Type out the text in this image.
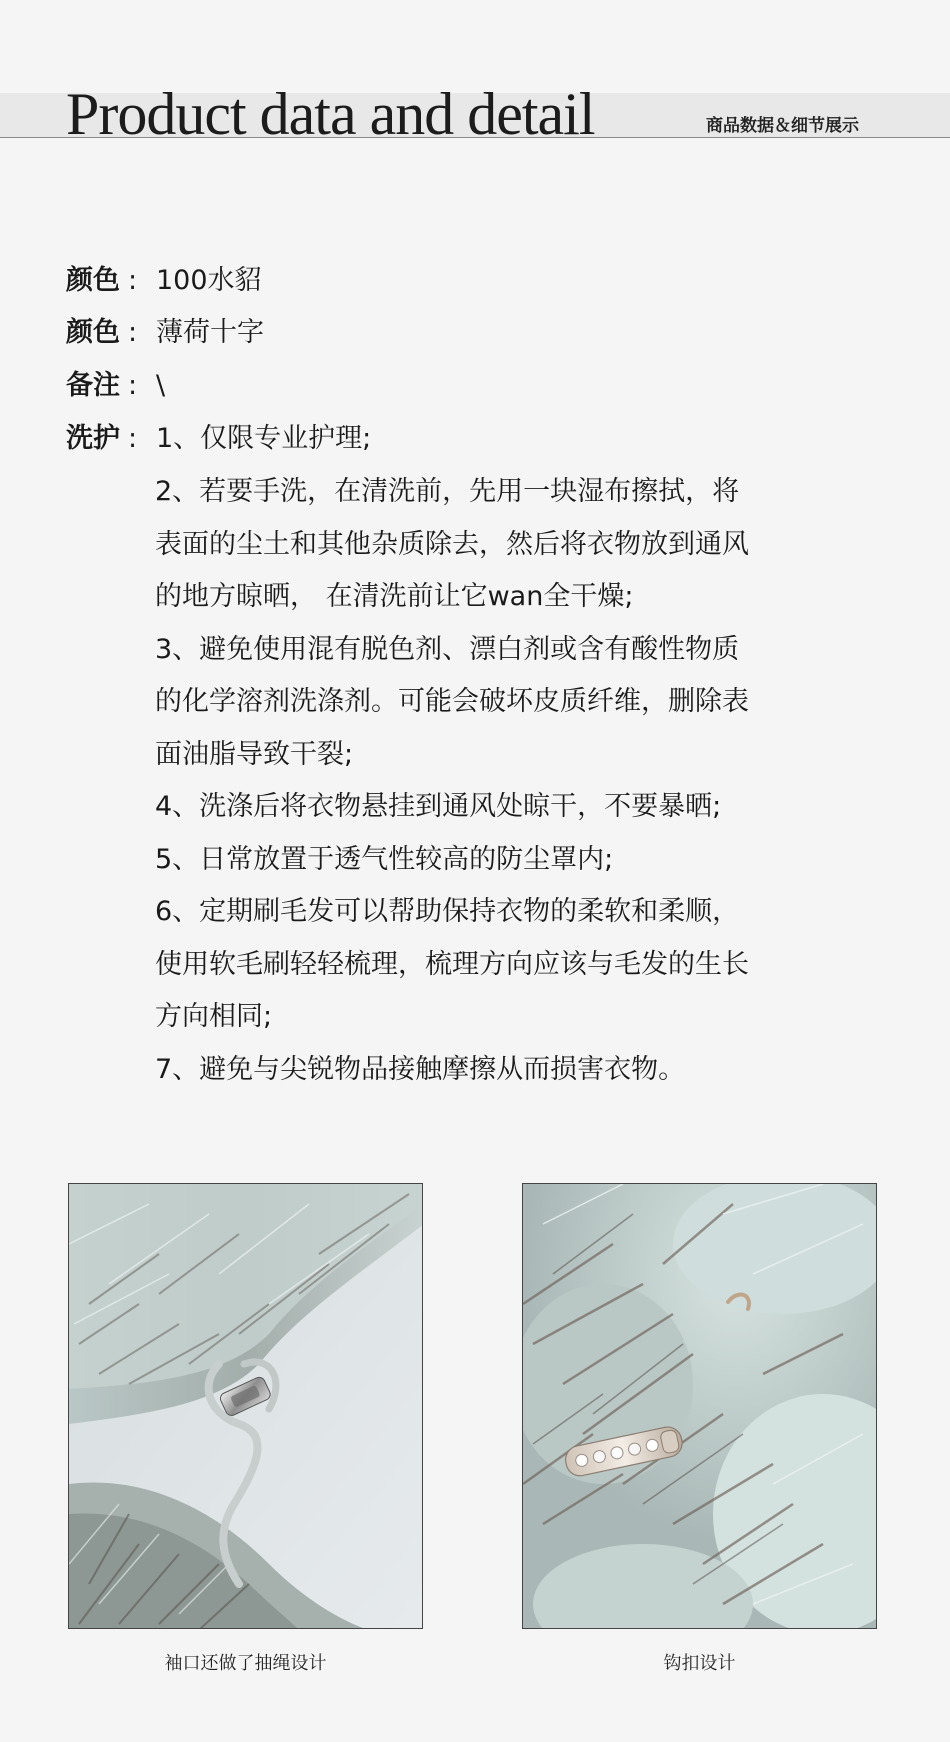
Product data and detail	商品数据＆细节展示
颜色 : 100水貂
颜色 : 薄荷十字
备注 : \
洗护 : 1、仅限专业护理;
2、若要手洗，在清洗前，先用一块湿布擦拭，将
表面的尘土和其他杂质除去，然后将衣物放到通风
的地方晾晒， 在清洗前让它wan全干燥;
3、避免使用混有脱色剂、漂白剂或含有酸性物质
的化学溶剂洗涤剂。可能会破坏皮质纤维，删除表
面油脂导致干裂;
4、洗涤后将衣物悬挂到通风处晾干，不要暴晒;
5、日常放置于透气性较高的防尘罩内;
6、定期刷毛发可以帮助保持衣物的柔软和柔顺，
使用软毛刷轻轻梳理，梳理方向应该与毛发的生长
方向相同;
7、避免与尖锐物品接触摩擦从而损害衣物。
袖口还做了抽绳设计	钩扣设计
